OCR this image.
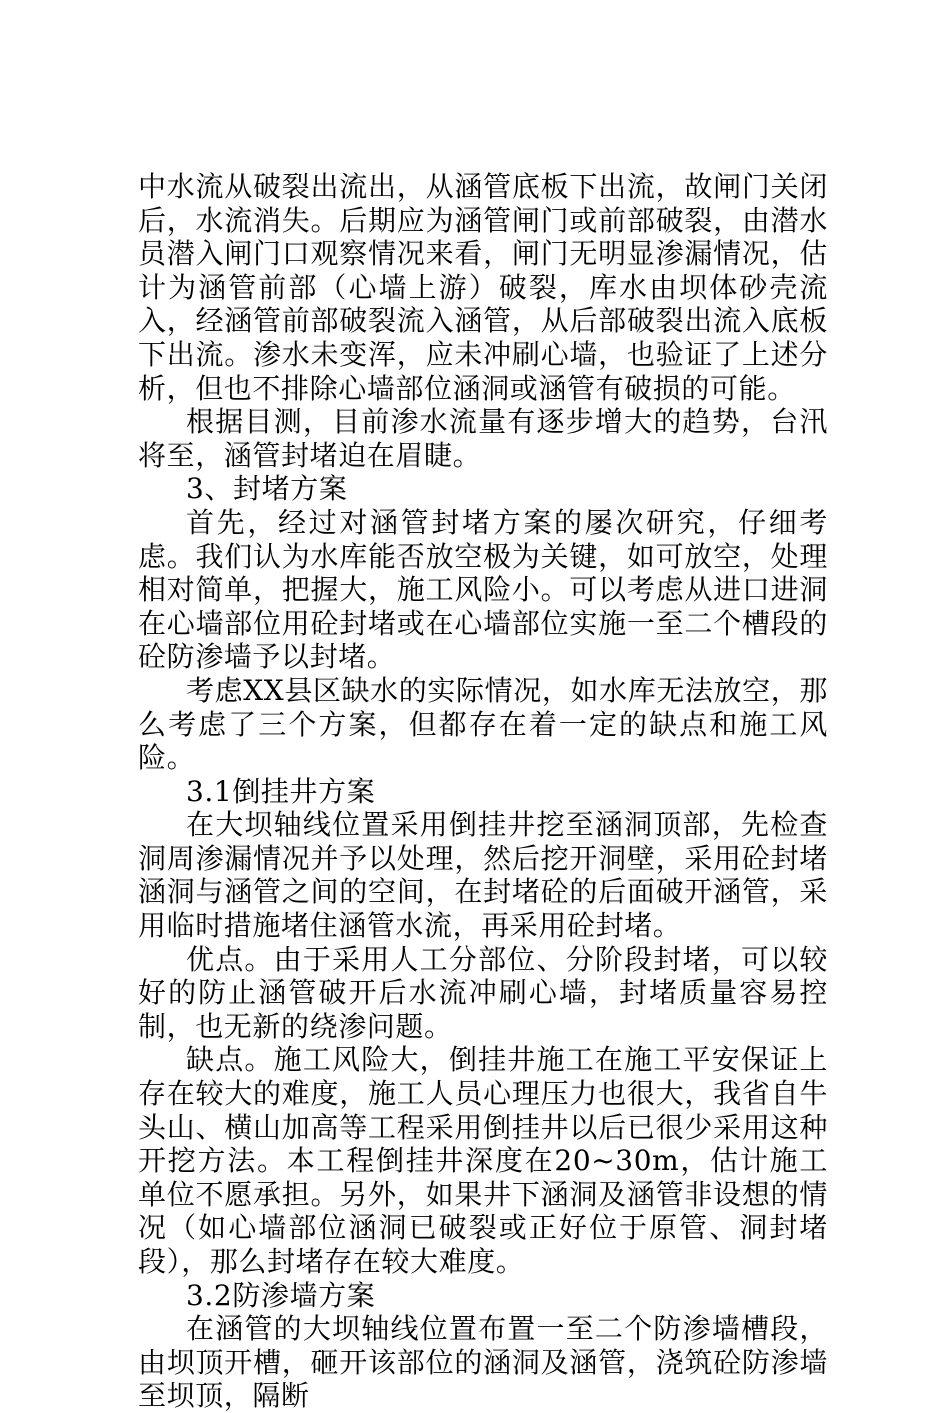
中水流从破裂出流出，从涵管底板下出流，故闸门关闭后，水流消失。后期应为涵管闸门或前部破裂，由潜水员潜入闸门口观察情况来看，闸门无明显渗漏情况，估计为涵管前部（心墙上游）破裂，库水由坝体砂壳流入，经涵管前部破裂流入涵管，从后部破裂出流入底板下出流。渗水未变浑，应未冲刷心墙，也验证了上述分析，但也不排除心墙部位涵洞或涵管有破损的可能。

根据目测，目前渗水流量有逐步增大的趋势，台汛将至，涵管封堵迫在眉睫。

3、封堵方案

首先，经过对涵管封堵方案的屡次研究，仔细考虑。我们认为水库能否放空极为关键，如可放空，处理相对简单，把握大，施工风险小。可以考虑从进口进洞在心墙部位用砼封堵或在心墙部位实施一至二个槽段的砼防渗墙予以封堵。

考虑XX县区缺水的实际情况，如水库无法放空，那么考虑了三个方案，但都存在着一定的缺点和施工风险。

3.1倒挂井方案

在大坝轴线位置采用倒挂井挖至涵洞顶部，先检查洞周渗漏情况并予以处理，然后挖开洞壁，采用砼封堵涵洞与涵管之间的空间，在封堵砼的后面破开涵管，采用临时措施堵住涵管水流，再采用砼封堵。

优点。由于采用人工分部位、分阶段封堵，可以较好的防止涵管破开后水流冲刷心墙，封堵质量容易控制，也无新的绕渗问题。

缺点。施工风险大，倒挂井施工在施工平安保证上存在较大的难度，施工人员心理压力也很大，我省自牛头山、横山加高等工程采用倒挂井以后已很少采用这种开挖方法。本工程倒挂井深度在20~30m，估计施工单位不愿承担。另外，如果井下涵洞及涵管非设想的情况（如心墙部位涵洞已破裂或正好位于原管、洞封堵段），那么封堵存在较大难度。

3.2防渗墙方案

在涵管的大坝轴线位置布置一至二个防渗墙槽段，由坝顶开槽，砸开该部位的涵洞及涵管，浇筑砼防渗墙至坝顶，隔断
